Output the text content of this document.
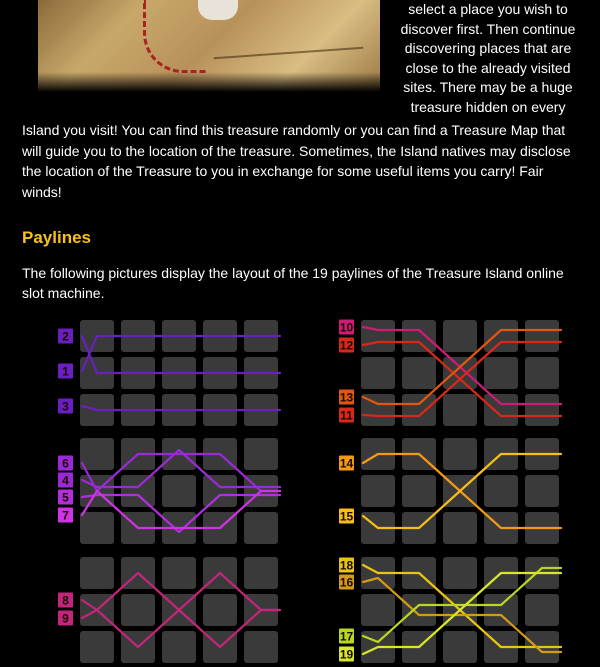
select a place you wish to discover first. Then continue discovering places that are close to the already visited sites. There may be a huge treasure hidden on every

Island you visit! You can find this treasure randomly or you can find a Treasure Map that will guide you to the location of the treasure. Sometimes, the Island natives may disclose the location of the Treasure to you in exchange for some useful items you carry! Fair winds!

Paylines

The following pictures display the layout of the 19 paylines of the Treasure Island online slot machine.

2
1
3
10
12
13
11
6
4
5
7
14
15
8
9
18
16
17
19
